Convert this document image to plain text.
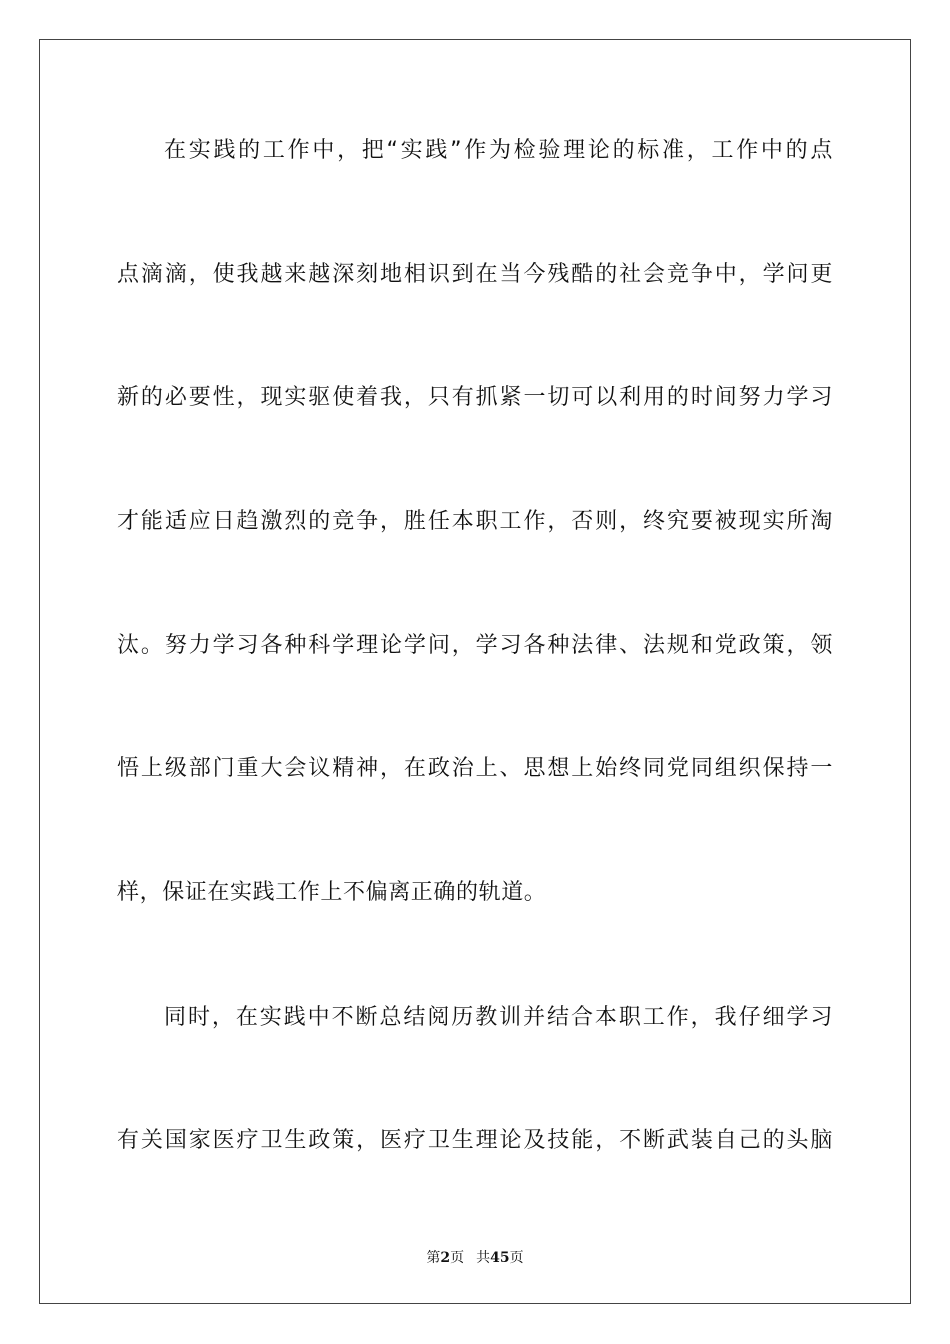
在实践的工作中，把“实践”作为检验理论的标准，工作中的点
点滴滴，使我越来越深刻地相识到在当今残酷的社会竞争中，学问更
新的必要性，现实驱使着我，只有抓紧一切可以利用的时间努力学习
才能适应日趋激烈的竞争，胜任本职工作，否则，终究要被现实所淘
汰。努力学习各种科学理论学问，学习各种法律、法规和党政策，领
悟上级部门重大会议精神，在政治上、思想上始终同党同组织保持一
样，保证在实践工作上不偏离正确的轨道。
同时，在实践中不断总结阅历教训并结合本职工作，我仔细学习
有关国家医疗卫生政策，医疗卫生理论及技能，不断武装自己的头脑
第2页 共45页
